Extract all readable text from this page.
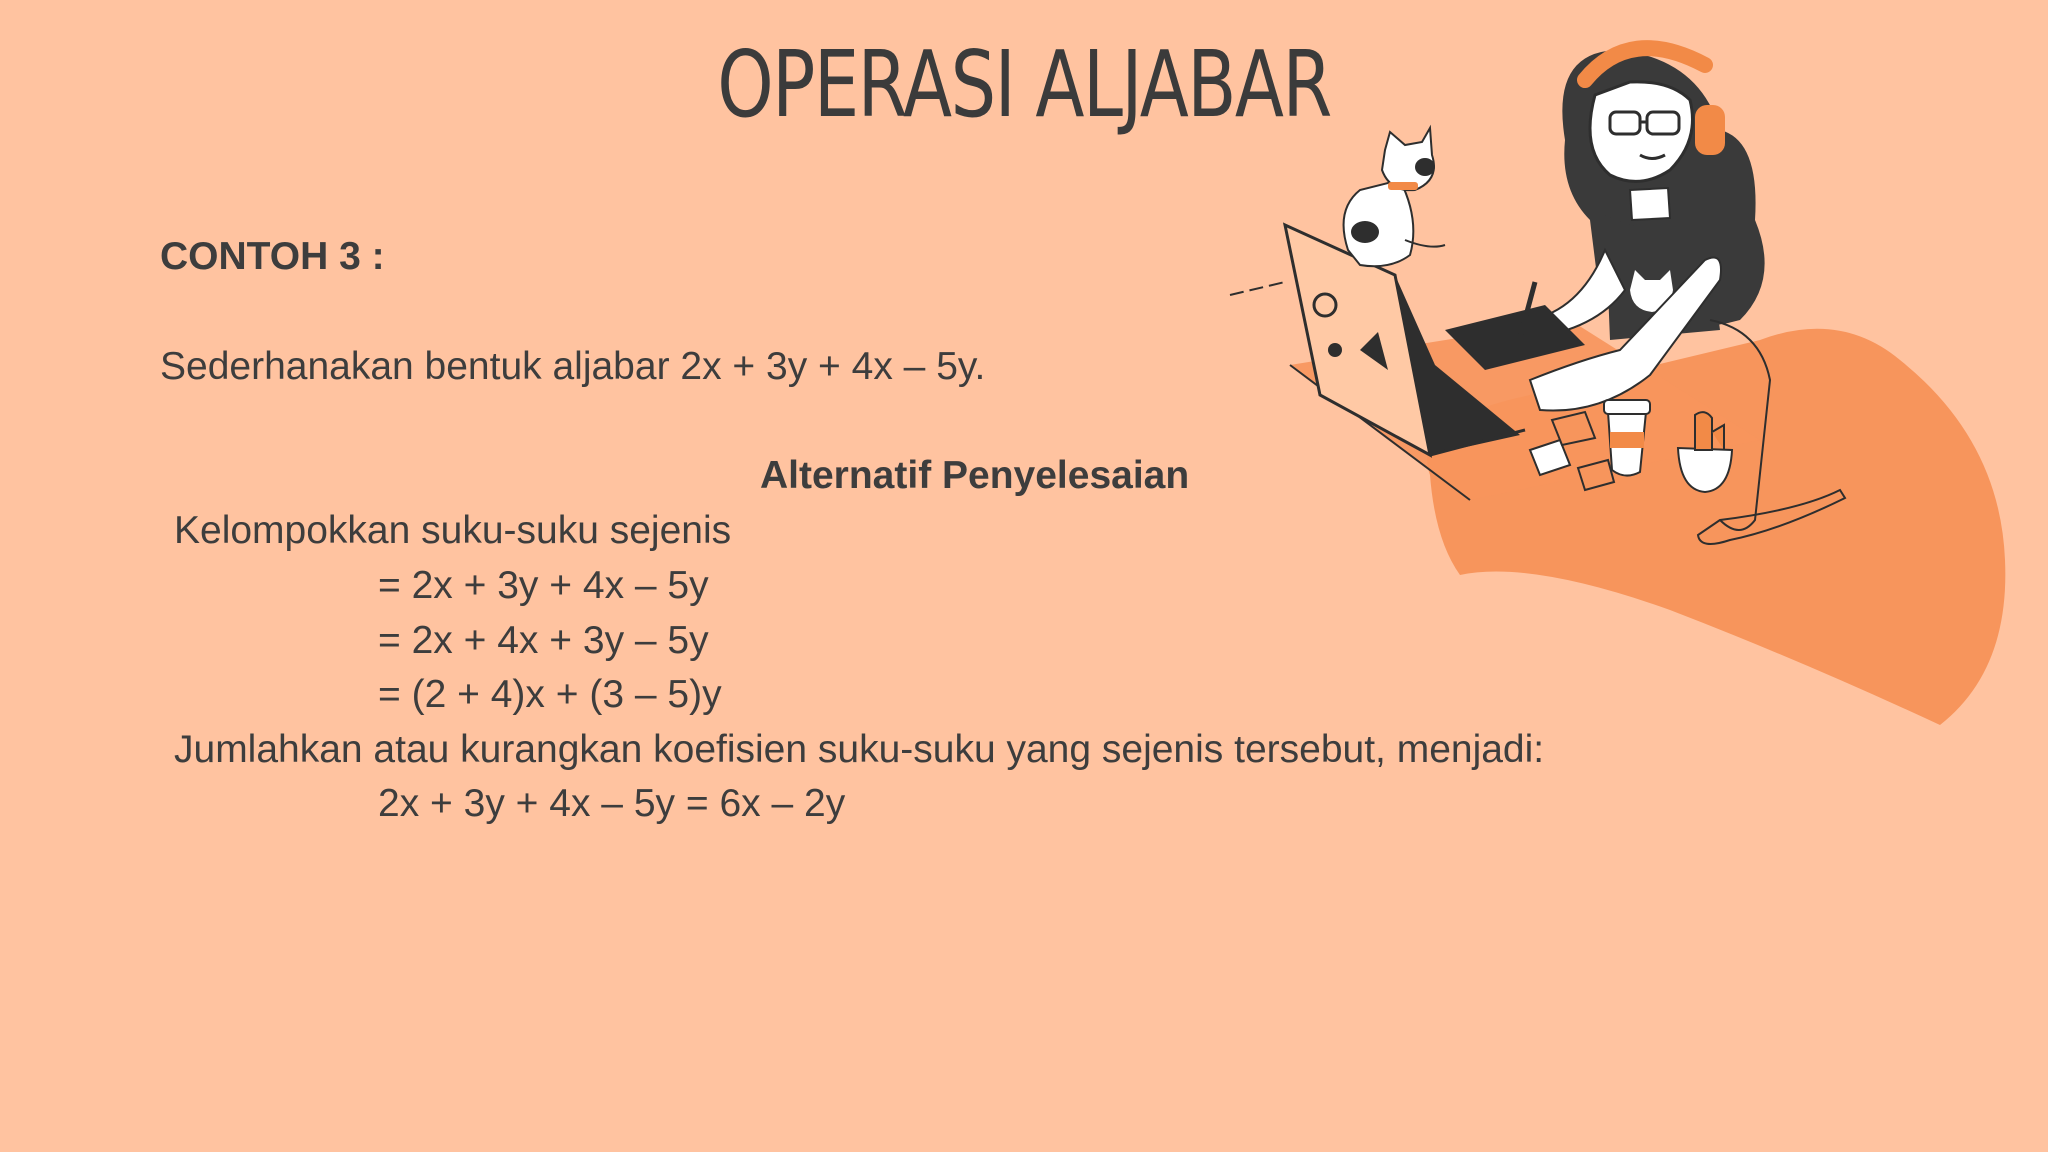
OPERASI ALJABAR
CONTOH 3 :
Sederhanakan bentuk aljabar 2x + 3y + 4x – 5y.
Alternatif Penyelesaian
Kelompokkan suku-suku sejenis
= 2x + 3y + 4x – 5y
= 2x + 4x + 3y – 5y
= (2 + 4)x + (3 – 5)y
Jumlahkan atau kurangkan koefisien suku-suku yang sejenis tersebut, menjadi:
2x + 3y + 4x – 5y = 6x – 2y
